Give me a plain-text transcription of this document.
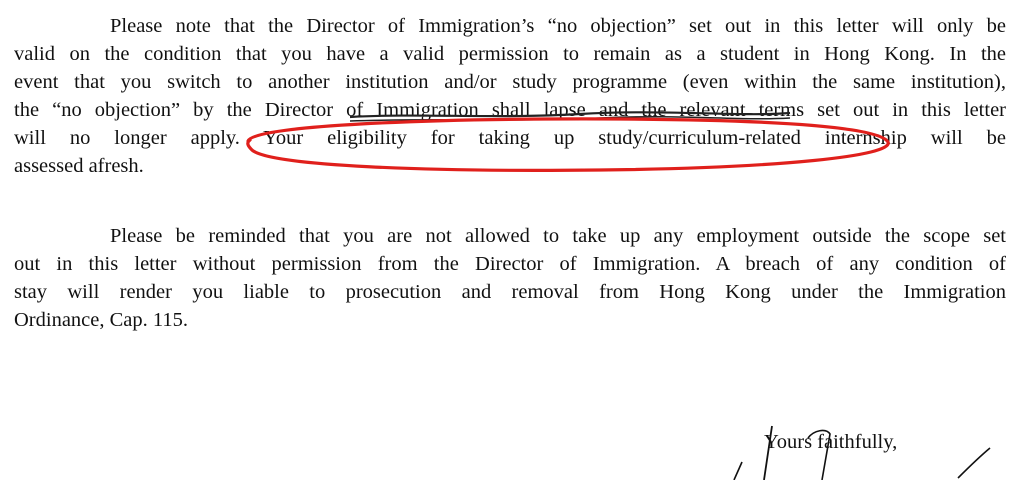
Please note that the Director of Immigration’s “no objection” set out in this letter will only be
valid on the condition that you have a valid permission to remain as a student in Hong Kong. In the
event that you switch to another institution and/or study programme (even within the same institution),
the “no objection” by the Director of Immigration shall lapse and the relevant terms set out in this letter
will no longer apply. Your eligibility for taking up study/curriculum-related internship will be
assessed afresh.
Please be reminded that you are not allowed to take up any employment outside the scope set
out in this letter without permission from the Director of Immigration. A breach of any condition of
stay will render you liable to prosecution and removal from Hong Kong under the Immigration
Ordinance, Cap. 115.
Yours faithfully,
